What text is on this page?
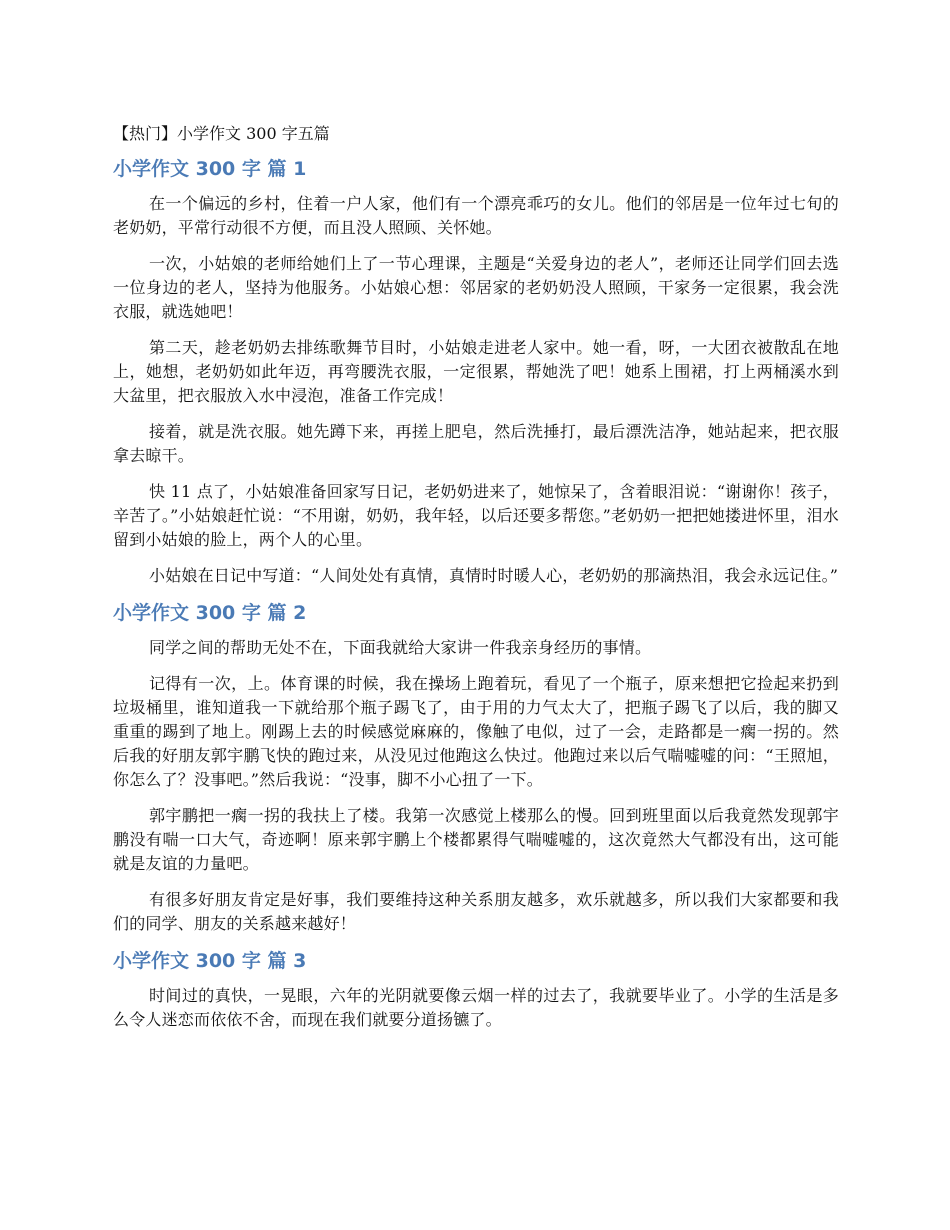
【热门】小学作文 300 字五篇
小学作文 300 字 篇 1

在一个偏远的乡村，住着一户人家，他们有一个漂亮乖巧的女儿。他们的邻居是一位年过七旬的老奶奶，平常行动很不方便，而且没人照顾、关怀她。

一次，小姑娘的老师给她们上了一节心理课，主题是“关爱身边的老人”，老师还让同学们回去选一位身边的老人，坚持为他服务。小姑娘心想：邻居家的老奶奶没人照顾，干家务一定很累，我会洗衣服，就选她吧！

第二天，趁老奶奶去排练歌舞节目时，小姑娘走进老人家中。她一看，呀，一大团衣被散乱在地上，她想，老奶奶如此年迈，再弯腰洗衣服，一定很累，帮她洗了吧！她系上围裙，打上两桶溪水到大盆里，把衣服放入水中浸泡，准备工作完成！

接着，就是洗衣服。她先蹲下来，再搓上肥皂，然后洗捶打，最后漂洗洁净，她站起来，把衣服拿去晾干。

快 11 点了，小姑娘准备回家写日记，老奶奶进来了，她惊呆了，含着眼泪说：“谢谢你！孩子，辛苦了。”小姑娘赶忙说：“不用谢，奶奶，我年轻，以后还要多帮您。”老奶奶一把把她搂进怀里，泪水留到小姑娘的脸上，两个人的心里。

小姑娘在日记中写道：“人间处处有真情，真情时时暖人心，老奶奶的那滴热泪，我会永远记住。”

小学作文 300 字 篇 2

同学之间的帮助无处不在，下面我就给大家讲一件我亲身经历的事情。

记得有一次，上。体育课的时候，我在操场上跑着玩，看见了一个瓶子，原来想把它捡起来扔到垃圾桶里，谁知道我一下就给那个瓶子踢飞了，由于用的力气太大了，把瓶子踢飞了以后，我的脚又重重的踢到了地上。刚踢上去的时候感觉麻麻的，像触了电似，过了一会，走路都是一瘸一拐的。然后我的好朋友郭宇鹏飞快的跑过来，从没见过他跑这么快过。他跑过来以后气喘嘘嘘的问：“王照旭，你怎么了？没事吧。”然后我说：“没事，脚不小心扭了一下。

郭宇鹏把一瘸一拐的我扶上了楼。我第一次感觉上楼那么的慢。回到班里面以后我竟然发现郭宇鹏没有喘一口大气，奇迹啊！原来郭宇鹏上个楼都累得气喘嘘嘘的，这次竟然大气都没有出，这可能就是友谊的力量吧。

有很多好朋友肯定是好事，我们要维持这种关系朋友越多，欢乐就越多，所以我们大家都要和我们的同学、朋友的关系越来越好！

小学作文 300 字 篇 3

时间过的真快，一晃眼，六年的光阴就要像云烟一样的过去了，我就要毕业了。小学的生活是多么令人迷恋而依依不舍，而现在我们就要分道扬镳了。
